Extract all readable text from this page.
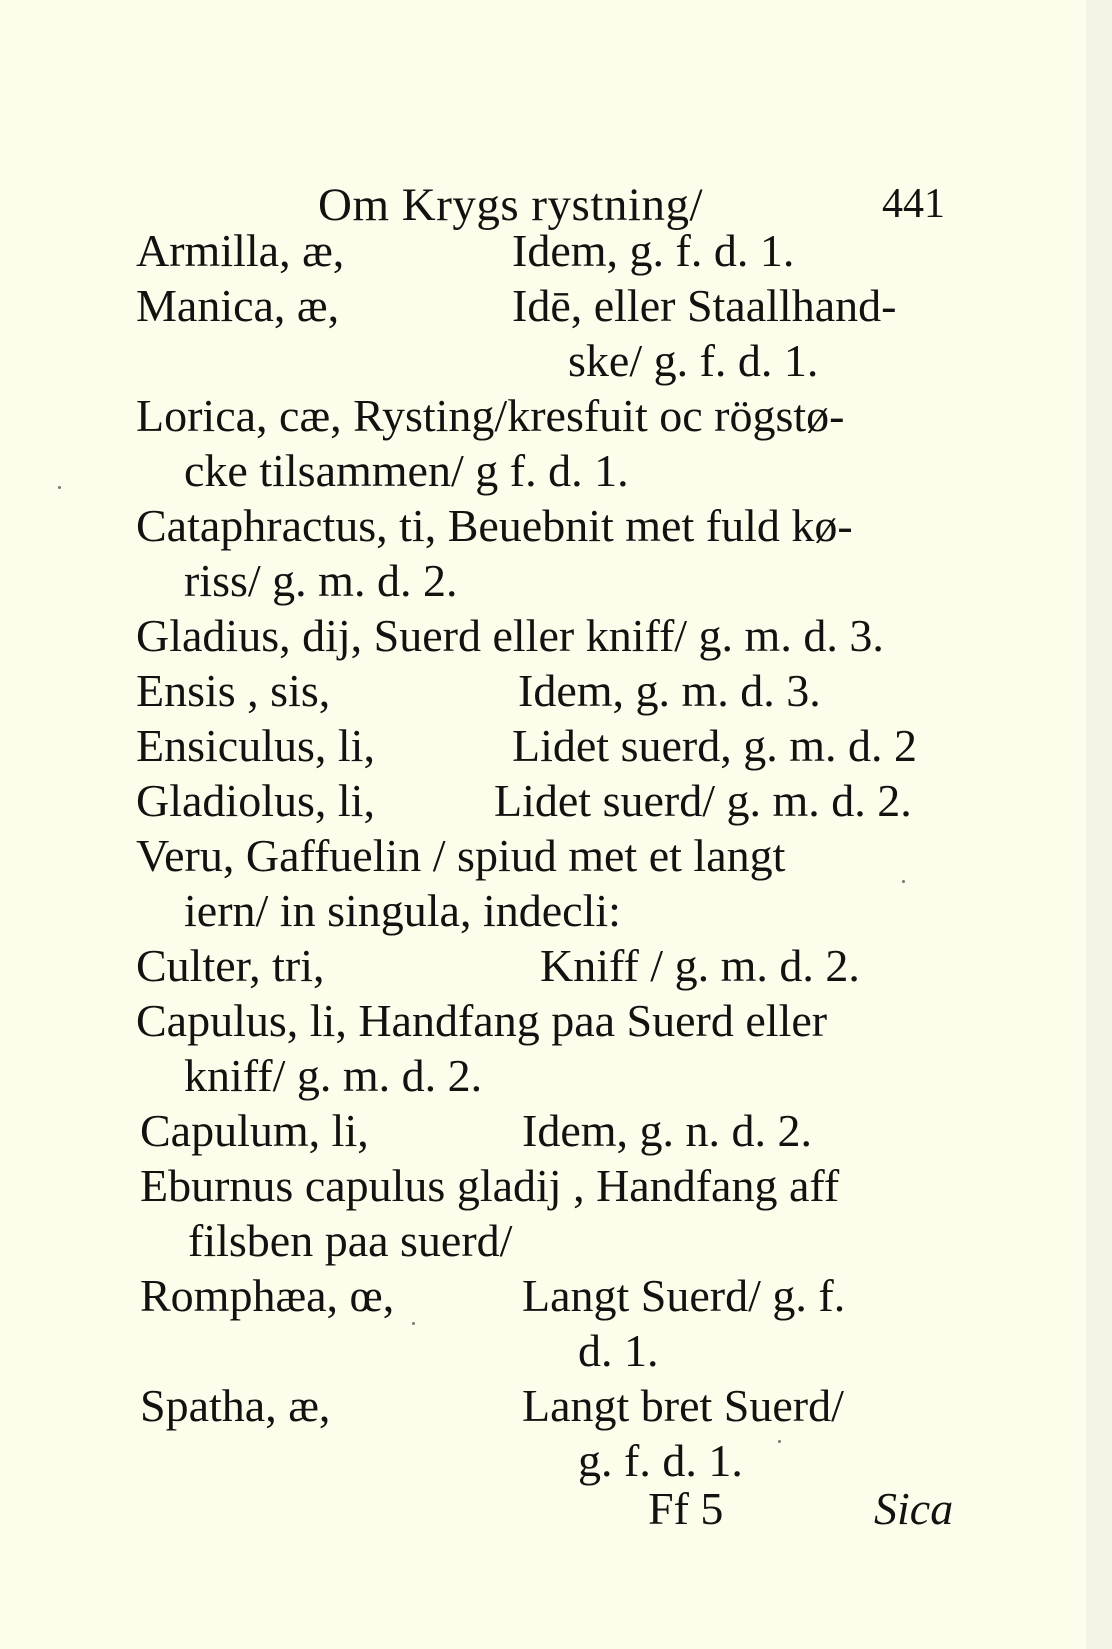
Om Krygs rystning/	441
Armilla, æ,	Idem, g. f. d. 1.
Manica, æ,	Idē, eller Staallhand-
ske/ g. f. d. 1.
Lorica, cæ, Rysting/kresfuit oc rögstø-
cke tilsammen/ g f. d. 1.
Cataphractus, ti, Beuebnit met fuld kø-
riss/ g. m. d. 2.
Gladius, dij, Suerd eller kniff/ g. m. d. 3.
Ensis , sis,	Idem, g. m. d. 3.
Ensiculus, li,	Lidet suerd, g. m. d. 2
Gladiolus, li,	Lidet suerd/ g. m. d. 2.
Veru, Gaffuelin / spiud met et langt
iern/ in singula, indecli:
Culter, tri,	Kniff / g. m. d. 2.
Capulus, li, Handfang paa Suerd eller
kniff/ g. m. d. 2.
Capulum, li,	Idem, g. n. d. 2.
Eburnus capulus gladij , Handfang aff
filsben paa suerd/
Romphæa, œ,	Langt Suerd/ g. f.
d. 1.
Spatha, æ,	Langt bret Suerd/
g. f. d. 1.
Ff 5	Sica
